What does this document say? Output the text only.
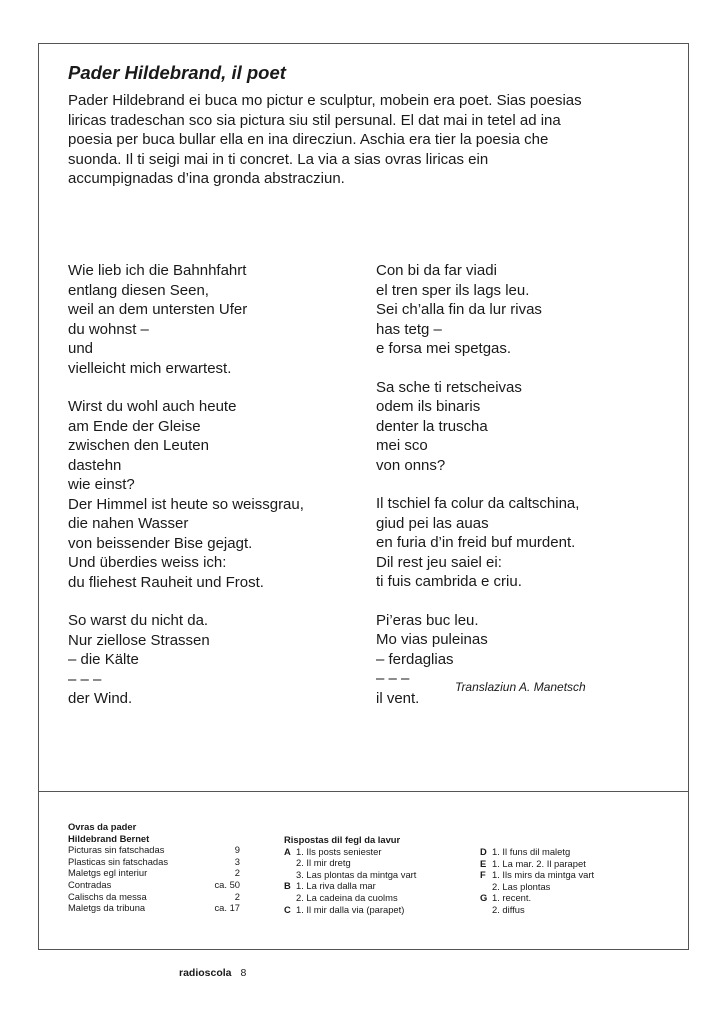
Pader Hildebrand, il poet
Pader Hildebrand ei buca mo pictur e sculptur, mobein era poet. Sias poesias
liricas tradeschan sco sia pictura siu stil persunal. El dat mai in tetel ad ina
poesia per buca bullar ella en ina direcziun. Aschia era tier la poesia che
suonda. Il ti seigi mai in ti concret. La via a sias ovras liricas ein
accumpignadas d’ina gronda abstracziun.
Wie lieb ich die Bahnhfahrt
entlang diesen Seen,
weil an dem untersten Ufer
du wohnst –
und
vielleicht mich erwartest.
Wirst du wohl auch heute
am Ende der Gleise
zwischen den Leuten
dastehn
wie einst?
Der Himmel ist heute so weissgrau,
die nahen Wasser
von beissender Bise gejagt.
Und überdies weiss ich:
du fliehest Rauheit und Frost.
So warst du nicht da.
Nur ziellose Strassen
– die Kälte
– – –
der Wind.
Con bi da far viadi
el tren sper ils lags leu.
Sei ch’alla fin da lur rivas
has tetg –
e forsa mei spetgas.
Sa sche ti retscheivas
odem ils binaris
denter la truscha
mei sco
von onns?
Il tschiel fa colur da caltschina,
giud pei las auas
en furia d’in freid buf murdent.
Dil rest jeu saiel ei:
ti fuis cambrida e criu.
Pi’eras buc leu.
Mo vias puleinas
– ferdaglias
– – –
il vent.
Translaziun A. Manetsch
Ovras da pader
Hildebrand Bernet
Picturas sin fatschadas	9
Plasticas sin fatschadas	3
Maletgs egl interiur	2
Contradas	ca. 50
Calischs da messa	2
Maletgs da tribuna	ca. 17
Rispostas dil fegl da lavur
A 1. Ils posts seniester
2. Il mir dretg
3. Las plontas da mintga vart
B 1. La riva dalla mar
2. La cadeina da cuolms
C 1. Il mir dalla via (parapet)
D 1. Il funs dil maletg
E 1. La mar. 2. Il parapet
F 1. Ils mirs da mintga vart
2. Las plontas
G 1. recent.
2. diffus
radioscola 8
